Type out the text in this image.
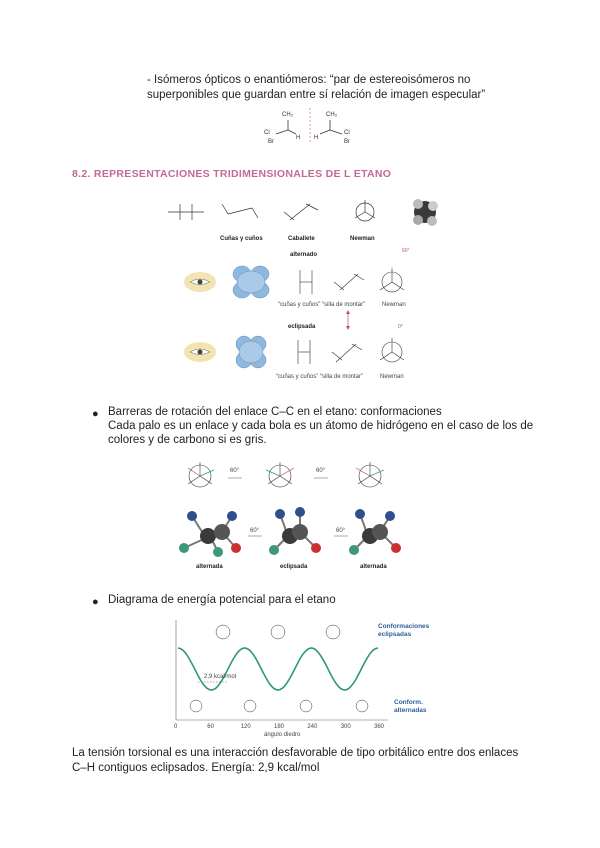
- Isómeros ópticos o enantiómeros: “par de estereoisómeros no
superponibles que guardan entre sí relación de imagen especular”
CH₃	CH₃
Cl
H H
Cl
Br	Br
8.2. REPRESENTACIONES TRIDIMENSIONALES DE L ETANO
Cuñas y cuños	Caballete	Newman
alternado
60°
“cuñas y cuños” “silla de montar”	Newman
eclipsada	0°
“cuñas y cuños” “silla de montar”	Newman
● Barreras de rotación del enlace C–C en el etano: conformaciones
Cada palo es un enlace y cada bola es un átomo de hidrógeno en el caso de los de
colores y de carbono si es gris.
60°	60°
60°	60°
alternada	eclipsada	alternada
● Diagrama de energía potencial para el etano
2,9 kcal/mol
Conformaciones
eclipsadas
Conform.
alternadas
0	60	120	180	240	300	360
ángulo diedro
La tensión torsional es una interacción desfavorable de tipo orbitálico entre dos enlaces
C–H contiguos eclipsados. Energía: 2,9 kcal/mol
